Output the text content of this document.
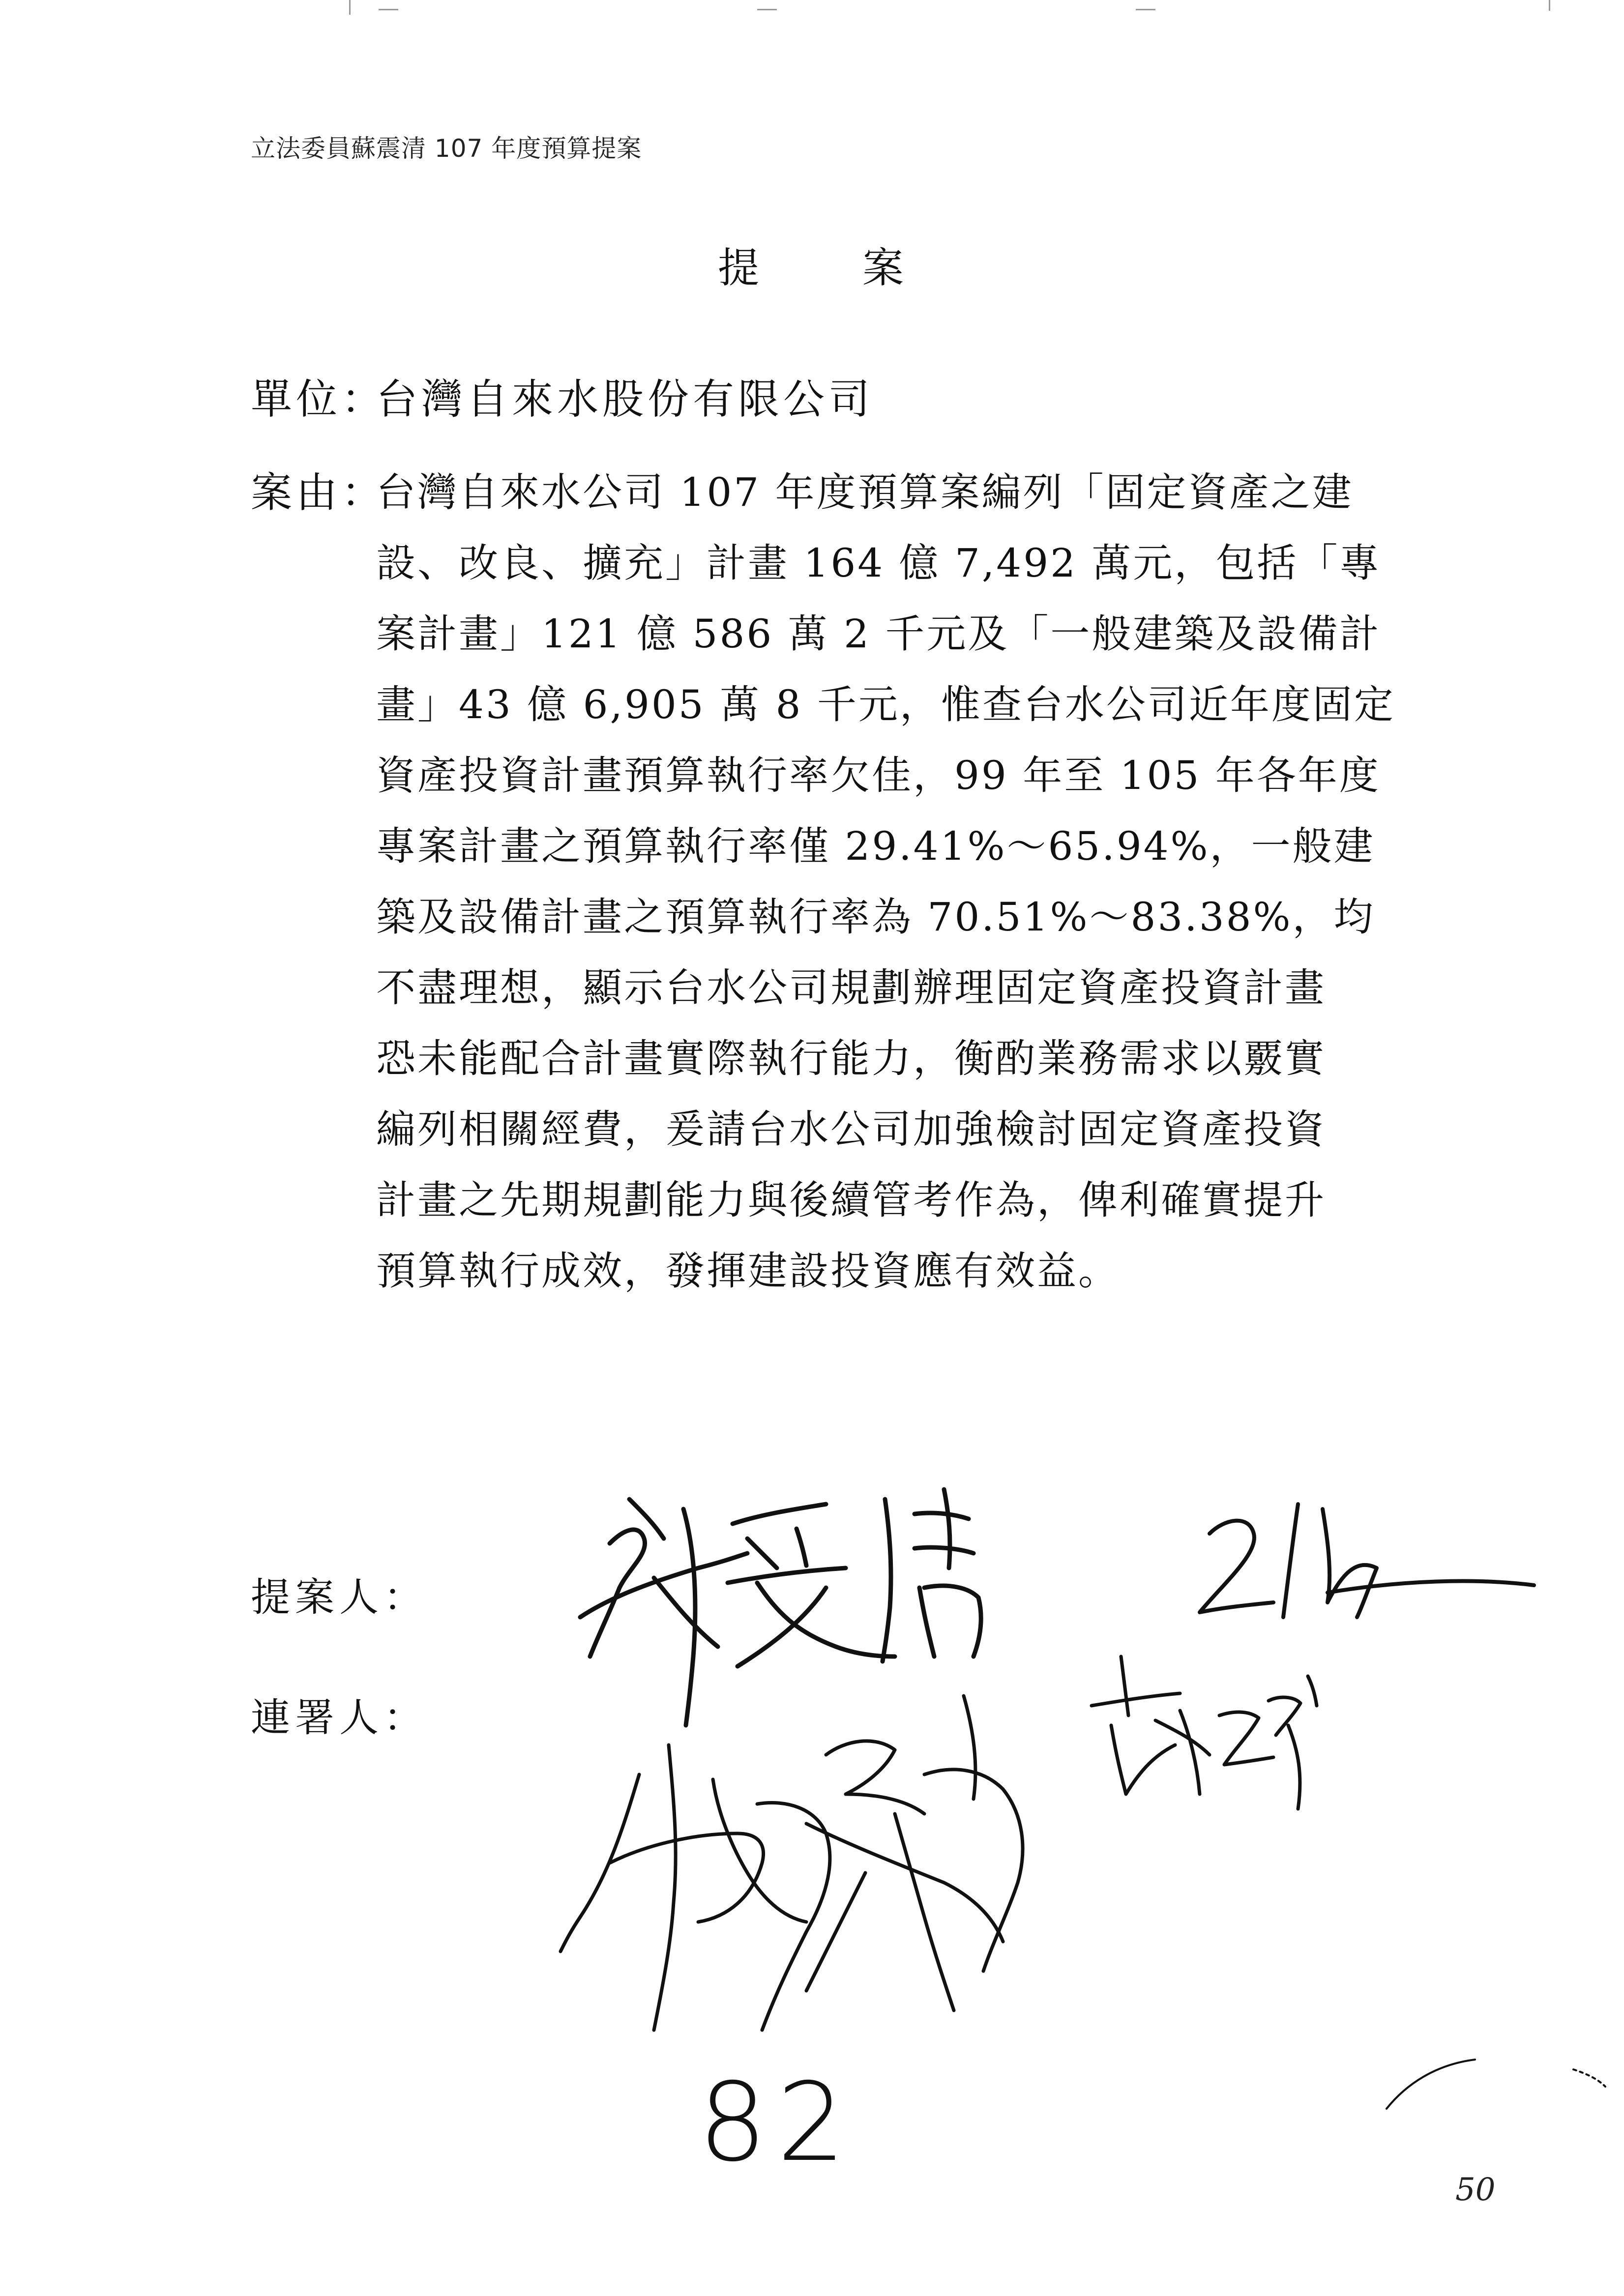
立法委員蘇震清 107 年度預算提案
提案
單位：
台灣自來水股份有限公司
案由：
台灣自來水公司 107 年度預算案編列「固定資產之建
設、改良、擴充」計畫 164 億 7,492 萬元，包括「專
案計畫」121 億 586 萬 2 千元及「一般建築及設備計
畫」43 億 6,905 萬 8 千元，惟查台水公司近年度固定
資產投資計畫預算執行率欠佳，99 年至 105 年各年度
專案計畫之預算執行率僅 29.41%～65.94%，一般建
築及設備計畫之預算執行率為 70.51%～83.38%，均
不盡理想，顯示台水公司規劃辦理固定資產投資計畫
恐未能配合計畫實際執行能力，衡酌業務需求以覈實
編列相關經費，爰請台水公司加強檢討固定資產投資
計畫之先期規劃能力與後續管考作為，俾利確實提升
預算執行成效，發揮建設投資應有效益。
提案人：
連署人：
82
50
